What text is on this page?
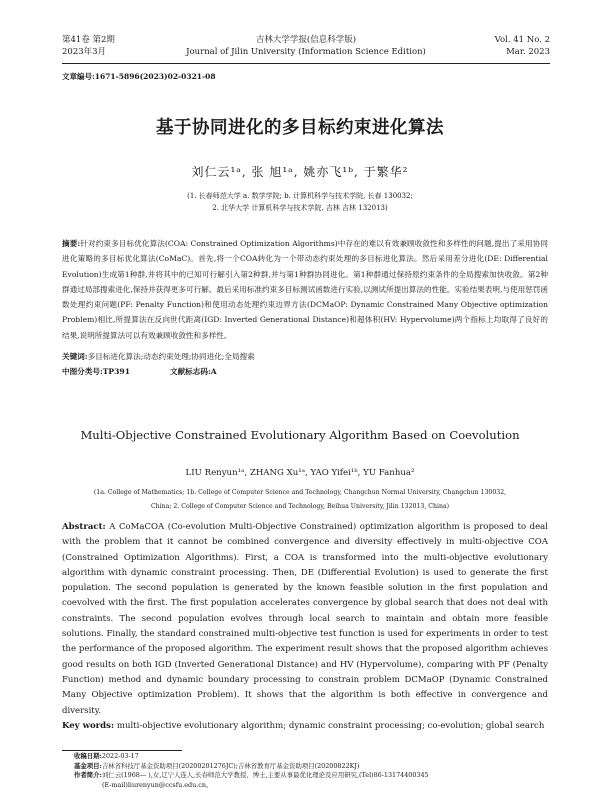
第41卷 第2期
2023年3月
吉林大学学报(信息科学版)
Journal of Jilin University (Information Science Edition)
Vol. 41 No. 2
Mar. 2023
文章编号:1671-5896(2023)02-0321-08
基于协同进化的多目标约束进化算法
刘仁云¹ᵃ, 张 旭¹ᵃ, 姚亦飞¹ᵇ, 于繁华²
(1. 长春师范大学 a. 数学学院; b. 计算机科学与技术学院, 长春 130032;
2. 北华大学 计算机科学与技术学院, 吉林 吉林 132013)
摘要:针对约束多目标优化算法(COA: Constrained Optimization Algorithms)中存在的难以有效兼顾收敛性和多样性的问题,提出了采用协同进化策略的多目标优化算法(CoMaC)。首先,将一个COA转化为一个带动态约束处理的多目标进化算法。然后采用差分进化(DE: Differential Evolution)生成第1种群,并将其中的已知可行解引入第2种群,并与第1种群协同进化。第1种群通过保持原约束条件的全局搜索加快收敛。第2种群通过局部搜索进化,保持并获得更多可行解。最后采用标准约束多目标测试函数进行实验,以测试所提出算法的性能。实验结果表明,与使用惩罚函数处理约束问题(PF: Penalty Function)和使用动态处理约束边界方法(DCMaOP: Dynamic Constrained Many Objective optimization Problem)相比,所提算法在反向世代距离(IGD: Inverted Generational Distance)和超体积(HV: Hypervolume)两个指标上均取得了良好的结果,说明所提算法可以有效兼顾收敛性和多样性。
关键词:多目标进化算法;动态约束处理;协同进化;全局搜索
中图分类号:TP391	文献标志码:A
Multi-Objective Constrained Evolutionary Algorithm Based on Coevolution
LIU Renyun¹ᵃ, ZHANG Xu¹ᵃ, YAO Yifei¹ᵇ, YU Fanhua²
(1a. College of Mathematics; 1b. College of Computer Science and Technology, Changchun Normal University, Changchun 130032,
China; 2. College of Computer Science and Technology, Beihua University, Jilin 132013, China)
Abstract: A CoMaCOA (Co-evolution Multi-Objective Constrained) optimization algorithm is proposed to deal with the problem that it cannot be combined convergence and diversity effectively in multi-objective COA (Constrained Optimization Algorithms). First, a COA is transformed into the multi-objective evolutionary algorithm with dynamic constraint processing. Then, DE (Differential Evolution) is used to generate the first population. The second population is generated by the known feasible solution in the first population and coevolved with the first. The first population accelerates convergence by global search that does not deal with constraints. The second population evolves through local search to maintain and obtain more feasible solutions. Finally, the standard constrained multi-objective test function is used for experiments in order to test the performance of the proposed algorithm. The experiment result shows that the proposed algorithm achieves good results on both IGD (Inverted Generational Distance) and HV (Hypervolume), comparing with PF (Penalty Function) method and dynamic boundary processing to constrain problem DCMaOP (Dynamic Constrained Many Objective optimization Problem). It shows that the algorithm is both effective in convergence and diversity.
Key words: multi-objective evolutionary algorithm; dynamic constraint processing; co-evolution; global search
收稿日期:2022-03-17
基金项目:吉林省科技厅基金资助项目(20200201276JC);吉林省教育厅基金资助项目(20200822KJ)
作者简介:刘仁云(1968— ),女,辽宁人连人,长春师范大学教授、博士,主要从事最优化理论及应用研究,(Tel)86-13174400345
(E-mail)liurenyun@ccsfu.edu.cn。
